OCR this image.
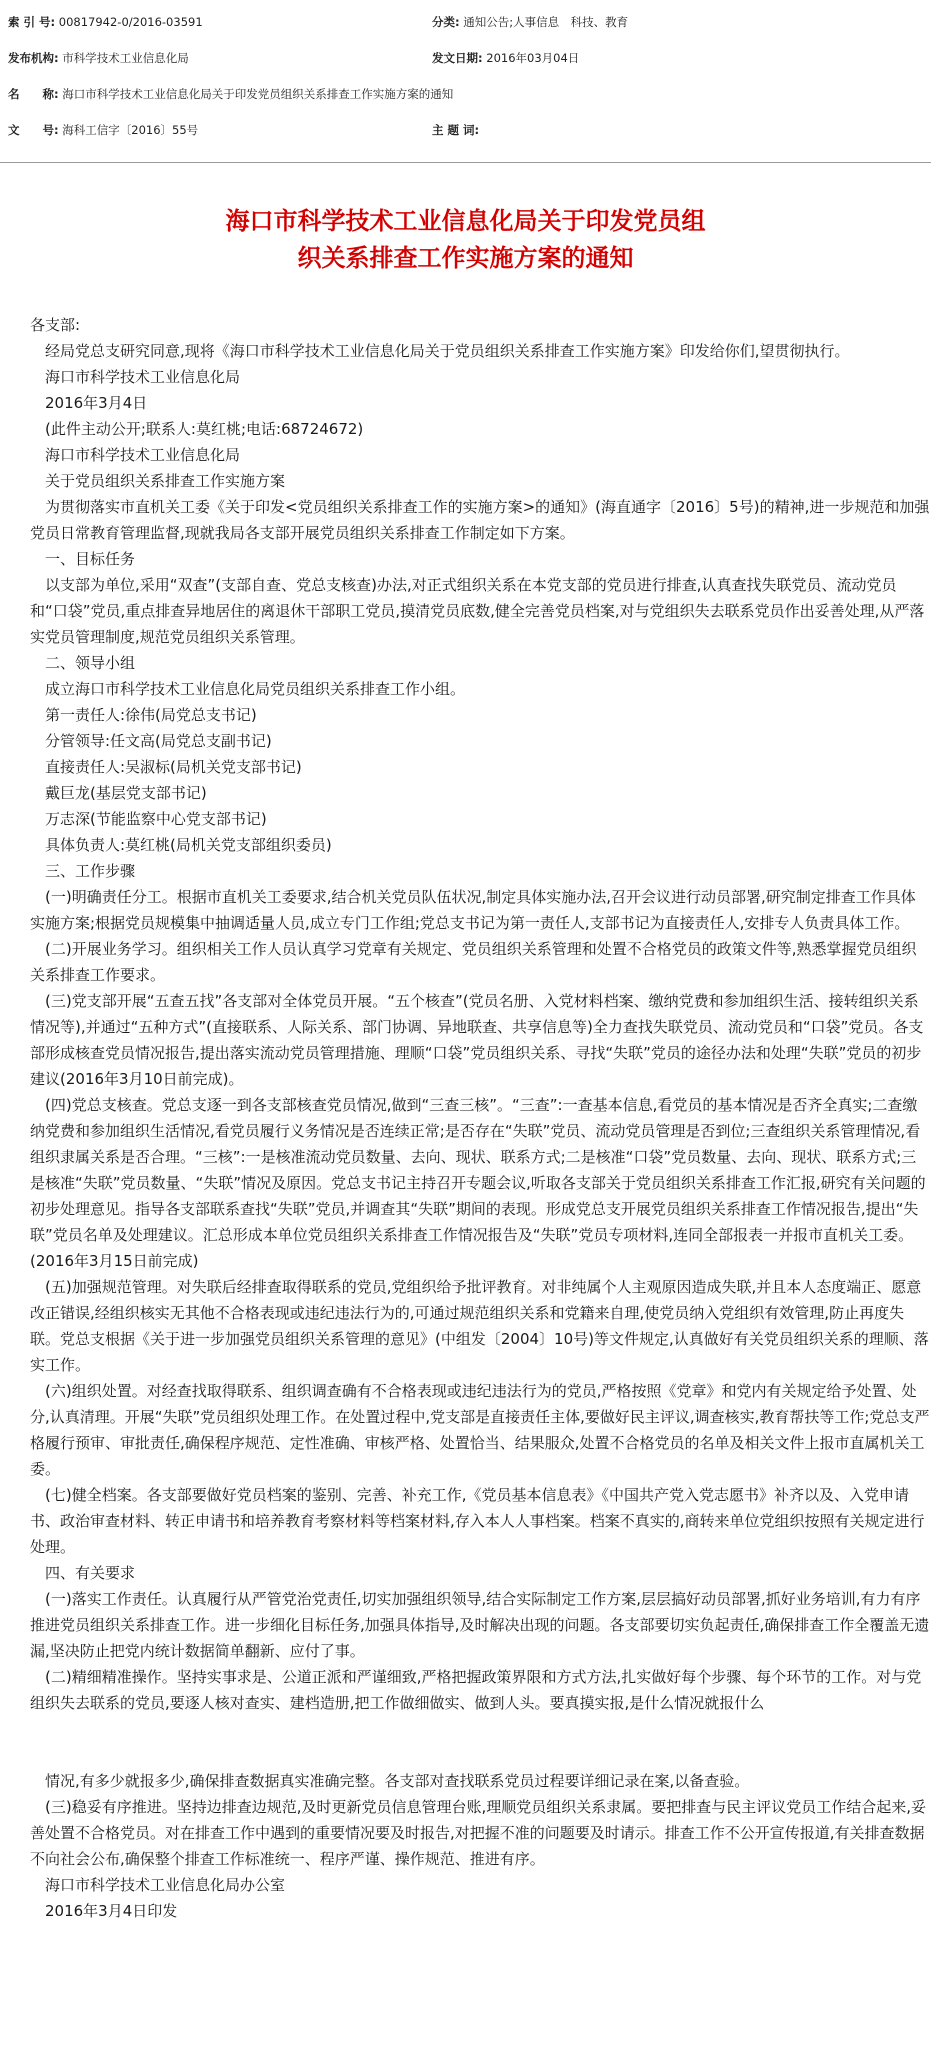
索 引 号: 00817942-0/2016-03591	分类: 通知公告;人事信息　科技、教育
发布机构: 市科学技术工业信息化局	发文日期: 2016年03月04日
名　　称: 海口市科学技术工业信息化局关于印发党员组织关系排查工作实施方案的通知
文　　号: 海科工信字〔2016〕55号	主 题 词:
海口市科学技术工业信息化局关于印发党员组
织关系排查工作实施方案的通知

各支部:

经局党总支研究同意,现将《海口市科学技术工业信息化局关于党员组织关系排查工作实施方案》印发给你们,望贯彻执行。

海口市科学技术工业信息化局

2016年3月4日

(此件主动公开;联系人:莫红桃;电话:68724672)

海口市科学技术工业信息化局

关于党员组织关系排查工作实施方案

为贯彻落实市直机关工委《关于印发<党员组织关系排查工作的实施方案>的通知》(海直通字〔2016〕5号)的精神,进一步规范和加强党员日常教育管理监督,现就我局各支部开展党员组织关系排查工作制定如下方案。

一、目标任务

以支部为单位,采用“双查”(支部自查、党总支核查)办法,对正式组织关系在本党支部的党员进行排查,认真查找失联党员、流动党员和“口袋”党员,重点排查异地居住的离退休干部职工党员,摸清党员底数,健全完善党员档案,对与党组织失去联系党员作出妥善处理,从严落实党员管理制度,规范党员组织关系管理。

二、领导小组

成立海口市科学技术工业信息化局党员组织关系排查工作小组。

第一责任人:徐伟(局党总支书记)

分管领导:任文高(局党总支副书记)

直接责任人:吴淑标(局机关党支部书记)

戴巨龙(基层党支部书记)

万志深(节能监察中心党支部书记)

具体负责人:莫红桃(局机关党支部组织委员)

三、工作步骤

(一)明确责任分工。根据市直机关工委要求,结合机关党员队伍状况,制定具体实施办法,召开会议进行动员部署,研究制定排查工作具体实施方案;根据党员规模集中抽调适量人员,成立专门工作组;党总支书记为第一责任人,支部书记为直接责任人,安排专人负责具体工作。

(二)开展业务学习。组织相关工作人员认真学习党章有关规定、党员组织关系管理和处置不合格党员的政策文件等,熟悉掌握党员组织关系排查工作要求。

(三)党支部开展“五查五找”各支部对全体党员开展。“五个核查”(党员名册、入党材料档案、缴纳党费和参加组织生活、接转组织关系情况等),并通过“五种方式”(直接联系、人际关系、部门协调、异地联查、共享信息等)全力查找失联党员、流动党员和“口袋”党员。各支部形成核查党员情况报告,提出落实流动党员管理措施、理顺“口袋”党员组织关系、寻找“失联”党员的途径办法和处理“失联”党员的初步建议(2016年3月10日前完成)。

(四)党总支核查。党总支逐一到各支部核查党员情况,做到“三查三核”。“三查”:一查基本信息,看党员的基本情况是否齐全真实;二查缴纳党费和参加组织生活情况,看党员履行义务情况是否连续正常;是否存在“失联”党员、流动党员管理是否到位;三查组织关系管理情况,看组织隶属关系是否合理。“三核”:一是核准流动党员数量、去向、现状、联系方式;二是核准“口袋”党员数量、去向、现状、联系方式;三是核准“失联”党员数量、“失联”情况及原因。党总支书记主持召开专题会议,听取各支部关于党员组织关系排查工作汇报,研究有关问题的初步处理意见。指导各支部联系查找“失联”党员,并调查其“失联”期间的表现。形成党总支开展党员组织关系排查工作情况报告,提出“失联”党员名单及处理建议。汇总形成本单位党员组织关系排查工作情况报告及“失联”党员专项材料,连同全部报表一并报市直机关工委。(2016年3月15日前完成)

(五)加强规范管理。对失联后经排查取得联系的党员,党组织给予批评教育。对非纯属个人主观原因造成失联,并且本人态度端正、愿意改正错误,经组织核实无其他不合格表现或违纪违法行为的,可通过规范组织关系和党籍来自理,使党员纳入党组织有效管理,防止再度失联。党总支根据《关于进一步加强党员组织关系管理的意见》(中组发〔2004〕10号)等文件规定,认真做好有关党员组织关系的理顺、落实工作。

(六)组织处置。对经查找取得联系、组织调查确有不合格表现或违纪违法行为的党员,严格按照《党章》和党内有关规定给予处置、处分,认真清理。开展“失联”党员组织处理工作。在处置过程中,党支部是直接责任主体,要做好民主评议,调查核实,教育帮扶等工作;党总支严格履行预审、审批责任,确保程序规范、定性准确、审核严格、处置恰当、结果服众,处置不合格党员的名单及相关文件上报市直属机关工委。

(七)健全档案。各支部要做好党员档案的鉴别、完善、补充工作,《党员基本信息表》《中国共产党入党志愿书》补齐以及、入党申请书、政治审查材料、转正申请书和培养教育考察材料等档案材料,存入本人人事档案。档案不真实的,商转来单位党组织按照有关规定进行处理。

四、有关要求

(一)落实工作责任。认真履行从严管党治党责任,切实加强组织领导,结合实际制定工作方案,层层搞好动员部署,抓好业务培训,有力有序推进党员组织关系排查工作。进一步细化目标任务,加强具体指导,及时解决出现的问题。各支部要切实负起责任,确保排查工作全覆盖无遗漏,坚决防止把党内统计数据简单翻新、应付了事。

(二)精细精准操作。坚持实事求是、公道正派和严谨细致,严格把握政策界限和方式方法,扎实做好每个步骤、每个环节的工作。对与党组织失去联系的党员,要逐人核对查实、建档造册,把工作做细做实、做到人头。要真摸实报,是什么情况就报什么

情况,有多少就报多少,确保排查数据真实准确完整。各支部对查找联系党员过程要详细记录在案,以备查验。

(三)稳妥有序推进。坚持边排查边规范,及时更新党员信息管理台账,理顺党员组织关系隶属。要把排查与民主评议党员工作结合起来,妥善处置不合格党员。对在排查工作中遇到的重要情况要及时报告,对把握不准的问题要及时请示。排查工作不公开宣传报道,有关排查数据不向社会公布,确保整个排查工作标准统一、程序严谨、操作规范、推进有序。

海口市科学技术工业信息化局办公室

2016年3月4日印发
